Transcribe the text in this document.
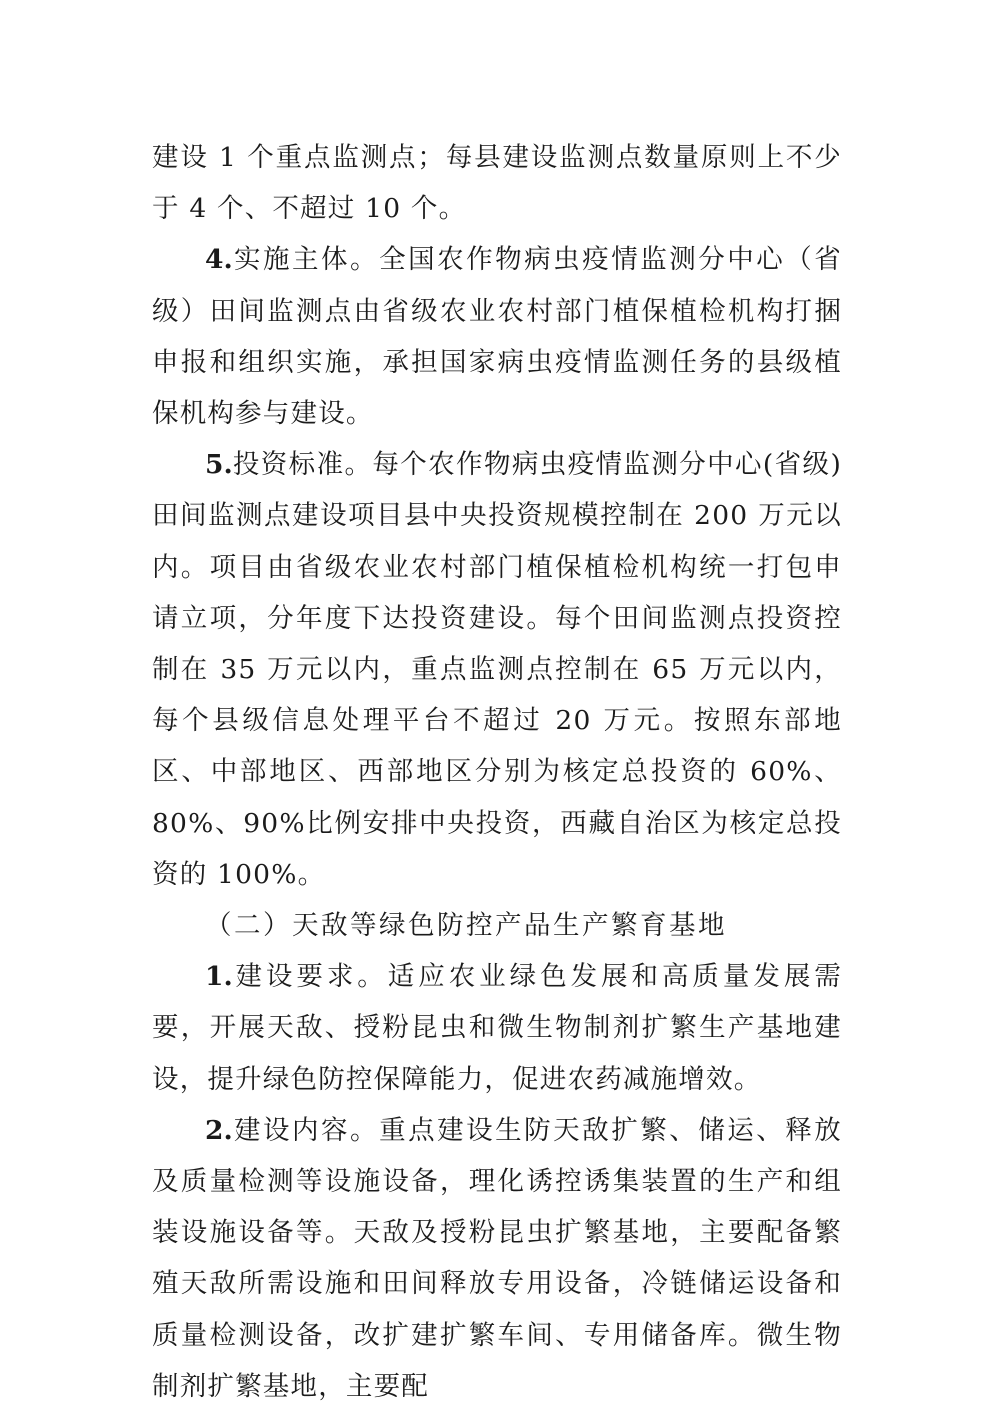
建设 1 个重点监测点；每县建设监测点数量原则上不少于 4 个、不超过 10 个。

4.实施主体。全国农作物病虫疫情监测分中心（省级）田间监测点由省级农业农村部门植保植检机构打捆申报和组织实施，承担国家病虫疫情监测任务的县级植保机构参与建设。

5.投资标准。每个农作物病虫疫情监测分中心(省级)田间监测点建设项目县中央投资规模控制在 200 万元以内。项目由省级农业农村部门植保植检机构统一打包申请立项，分年度下达投资建设。每个田间监测点投资控制在 35 万元以内，重点监测点控制在 65 万元以内，每个县级信息处理平台不超过 20 万元。按照东部地区、中部地区、西部地区分别为核定总投资的 60%、80%、90%比例安排中央投资，西藏自治区为核定总投资的 100%。

（二）天敌等绿色防控产品生产繁育基地

1.建设要求。适应农业绿色发展和高质量发展需要，开展天敌、授粉昆虫和微生物制剂扩繁生产基地建设，提升绿色防控保障能力，促进农药减施增效。

2.建设内容。重点建设生防天敌扩繁、储运、释放及质量检测等设施设备，理化诱控诱集装置的生产和组装设施设备等。天敌及授粉昆虫扩繁基地，主要配备繁殖天敌所需设施和田间释放专用设备，冷链储运设备和质量检测设备，改扩建扩繁车间、专用储备库。微生物制剂扩繁基地，主要配
